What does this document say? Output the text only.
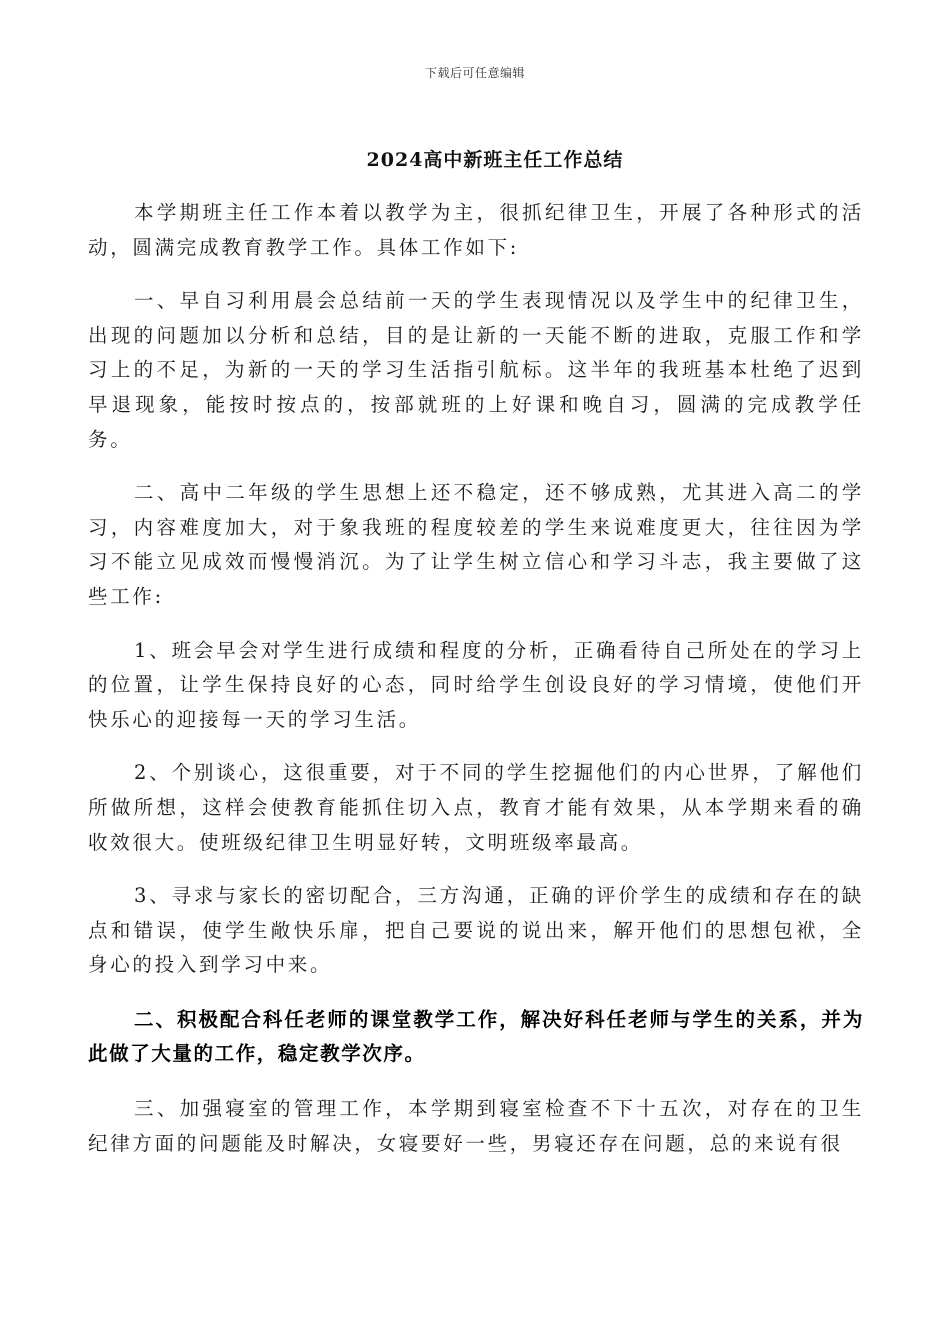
下载后可任意编辑
2024高中新班主任工作总结

本学期班主任工作本着以教学为主，很抓纪律卫生，开展了各种形式的活动，圆满完成教育教学工作。具体工作如下:

一、早自习利用晨会总结前一天的学生表现情况以及学生中的纪律卫生，出现的问题加以分析和总结，目的是让新的一天能不断的进取，克服工作和学习上的不足，为新的一天的学习生活指引航标。这半年的我班基本杜绝了迟到早退现象，能按时按点的，按部就班的上好课和晚自习，圆满的完成教学任务。

二、高中二年级的学生思想上还不稳定，还不够成熟，尤其进入高二的学习，内容难度加大，对于象我班的程度较差的学生来说难度更大，往往因为学习不能立见成效而慢慢消沉。为了让学生树立信心和学习斗志，我主要做了这些工作:

1、班会早会对学生进行成绩和程度的分析，正确看待自己所处在的学习上的位置，让学生保持良好的心态，同时给学生创设良好的学习情境，使他们开快乐心的迎接每一天的学习生活。

2、个别谈心，这很重要，对于不同的学生挖掘他们的内心世界，了解他们所做所想，这样会使教育能抓住切入点，教育才能有效果，从本学期来看的确收效很大。使班级纪律卫生明显好转，文明班级率最高。

3、寻求与家长的密切配合，三方沟通，正确的评价学生的成绩和存在的缺点和错误，使学生敞快乐扉，把自己要说的说出来，解开他们的思想包袱，全身心的投入到学习中来。

二、积极配合科任老师的课堂教学工作，解决好科任老师与学生的关系，并为此做了大量的工作，稳定教学次序。

三、加强寝室的管理工作，本学期到寝室检查不下十五次，对存在的卫生纪律方面的问题能及时解决，女寝要好一些，男寝还存在问题，总的来说有很
